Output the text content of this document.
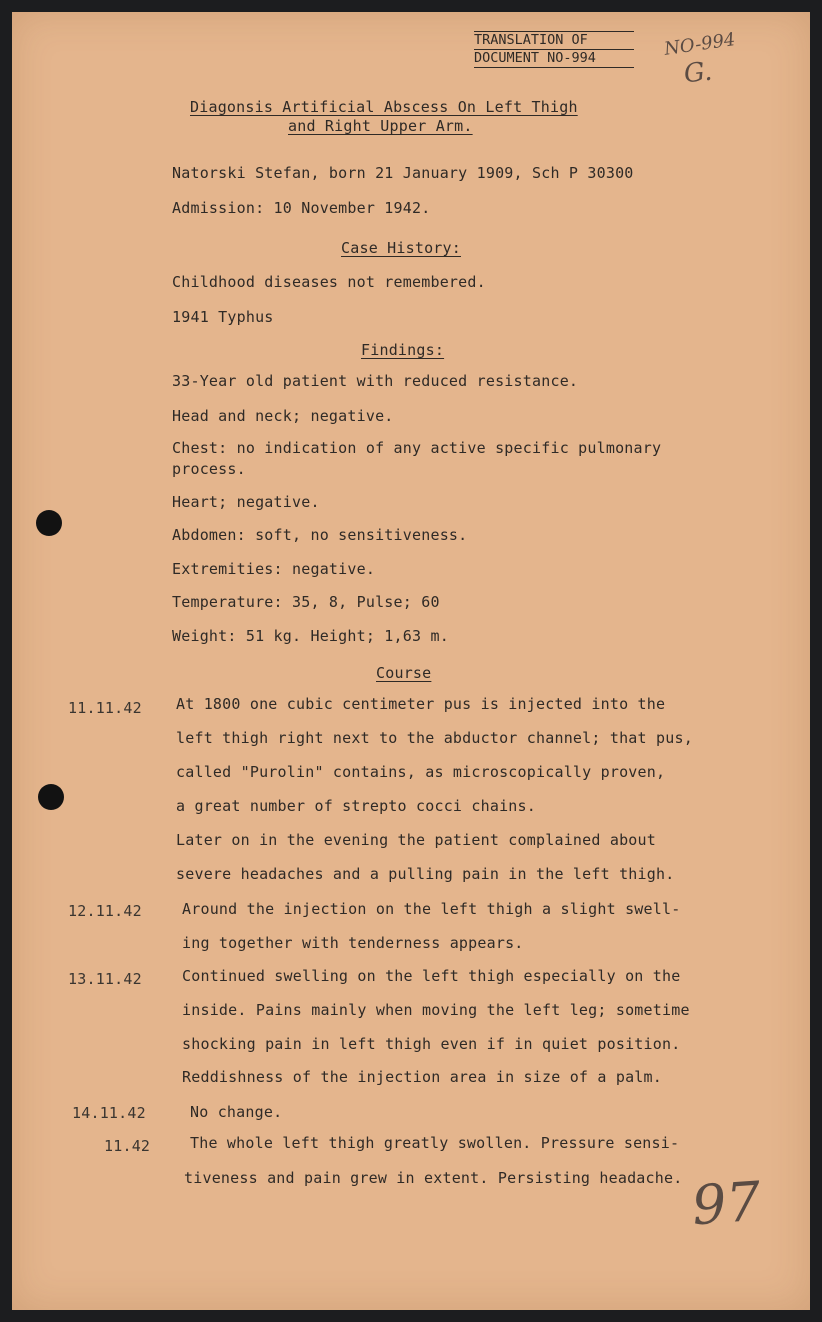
TRANSLATION OF
DOCUMENT NO-994	NO-994
G.
Diagonsis Artificial Abscess On Left Thigh
and Right Upper Arm.
Natorski Stefan, born 21 January 1909, Sch P 30300
Admission: 10 November 1942.
Case History:
Childhood diseases not remembered.
1941 Typhus
Findings:
33-Year old patient with reduced resistance.
Head and neck; negative.
Chest: no indication of any active specific pulmonary
process.
Heart; negative.
Abdomen: soft, no sensitiveness.
Extremities: negative.
Temperature: 35, 8, Pulse; 60
Weight: 51 kg. Height; 1,63 m.
Course
11.11.42 At 1800 one cubic centimeter pus is injected into the
left thigh right next to the abductor channel; that pus,
called "Purolin" contains, as microscopically proven,
a great number of strepto cocci chains.
Later on in the evening the patient complained about
severe headaches and a pulling pain in the left thigh.
12.11.42	Around the injection on the left thigh a slight swell-
ing together with tenderness appears.
13.11.42	Continued swelling on the left thigh especially on the
inside. Pains mainly when moving the left leg; sometime
shocking pain in left thigh even if in quiet position.
Reddishness of the injection area in size of a palm.
14.11.42	No change.
11.42	The whole left thigh greatly swollen. Pressure sensi-
tiveness and pain grew in extent. Persisting headache. 97
